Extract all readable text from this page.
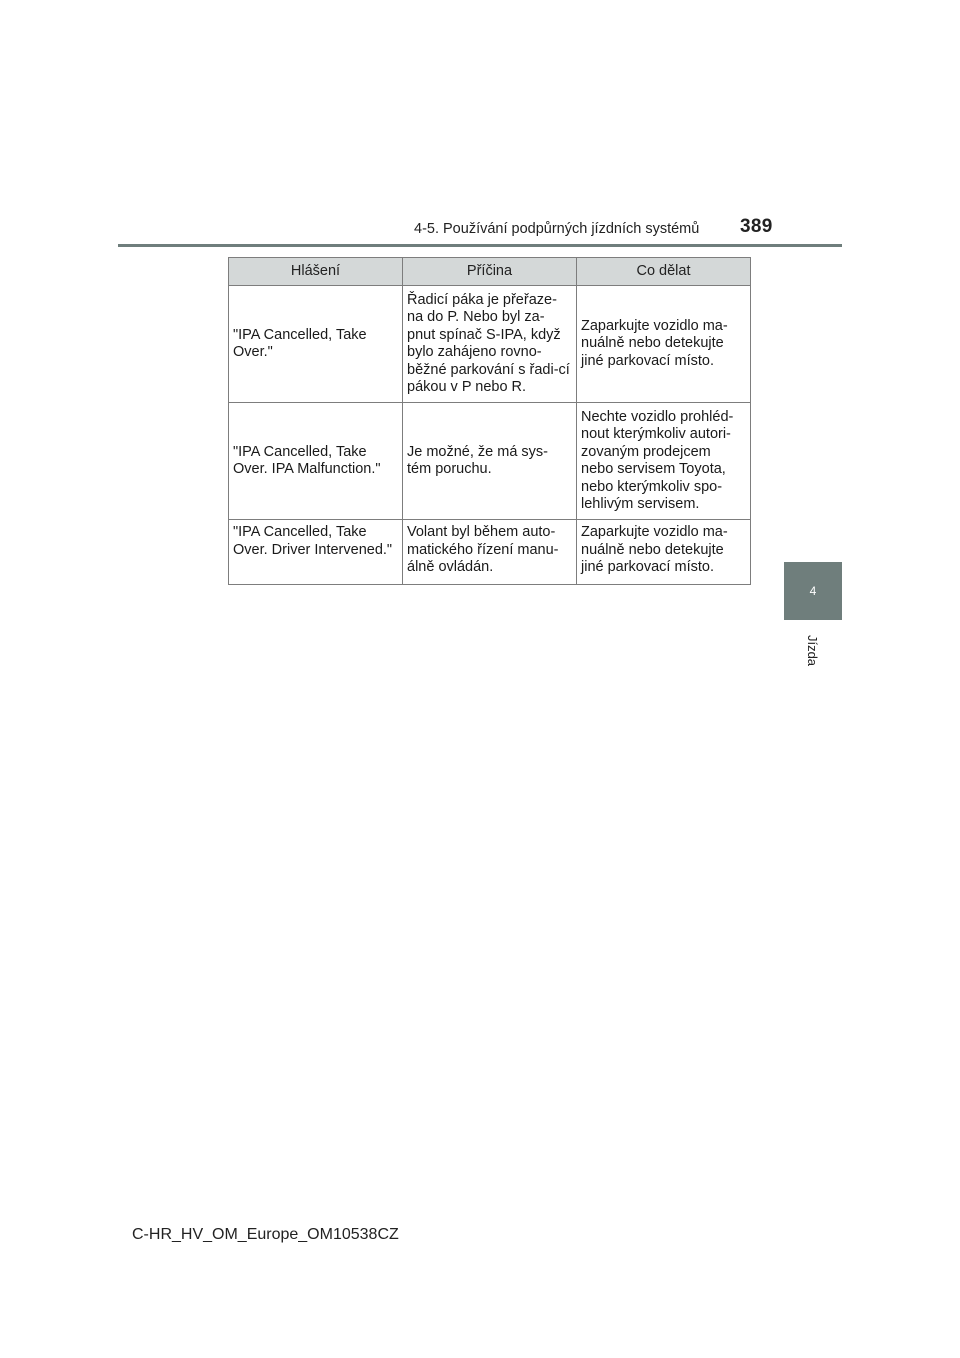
4-5. Používání podpůrných jízdních systémů 389
4
Jízda
Hlášení	Příčina	Co dělat
"IPA Cancelled, Take Over."	Řadicí páka je přeřaze-na do P. Nebo byl za-pnut spínač S-IPA, když bylo zahájeno rovno-běžné parkování s řadi-cí pákou v P nebo R.	Zaparkujte vozidlo ma-nuálně nebo detekujte jiné parkovací místo.
"IPA Cancelled, Take Over. IPA Malfunction."	Je možné, že má sys-tém poruchu.	Nechte vozidlo prohléd-nout kterýmkoliv autori-zovaným prodejcem nebo servisem Toyota, nebo kterýmkoliv spo-lehlivým servisem.
"IPA Cancelled, Take Over. Driver Intervened."	Volant byl během auto-matického řízení manu-álně ovládán.	Zaparkujte vozidlo ma-nuálně nebo detekujte jiné parkovací místo.
C-HR_HV_OM_Europe_OM10538CZ
